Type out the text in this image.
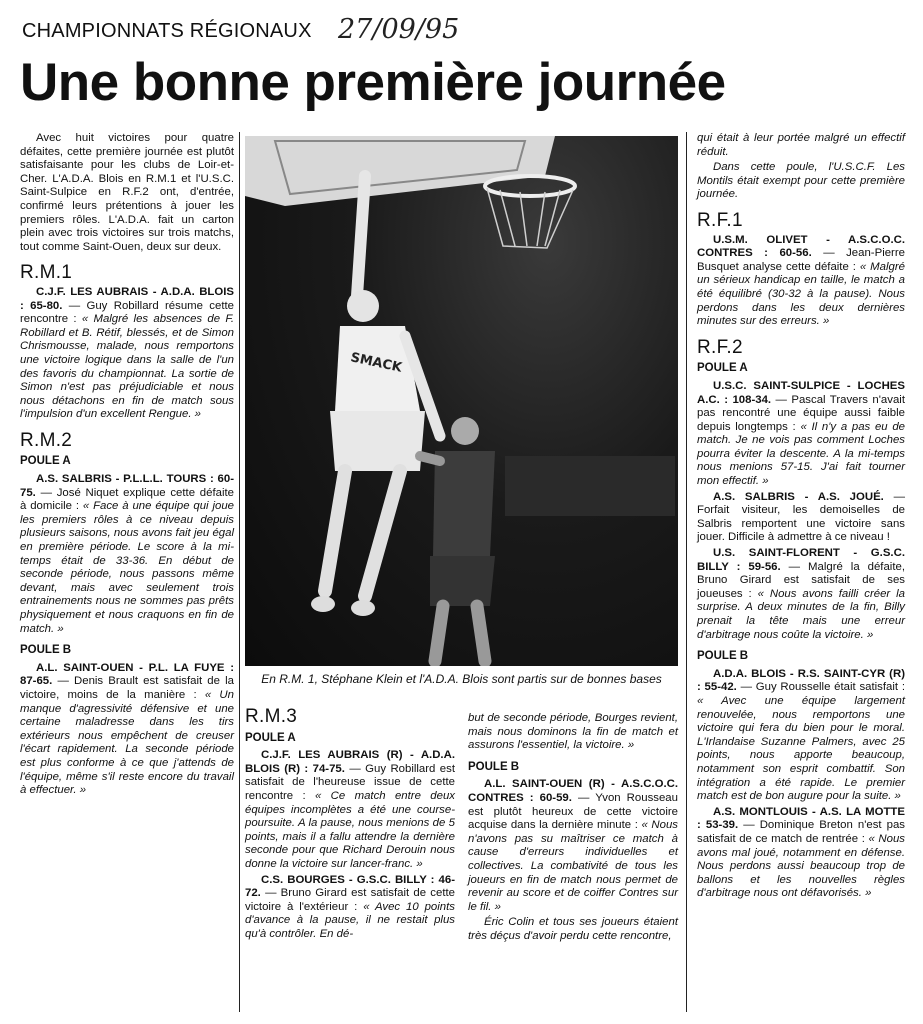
CHAMPIONNATS RÉGIONAUX 27/09/95
Une bonne première journée

Avec huit victoires pour quatre défaites, cette première journée est plutôt satisfaisante pour les clubs de Loir-et-Cher. L'A.D.A. Blois en R.M.1 et l'U.S.C. Saint-Sulpice en R.F.2 ont, d'entrée, confirmé leurs prétentions à jouer les premiers rôles. L'A.D.A. fait un carton plein avec trois victoires sur trois matchs, tout comme Saint-Ouen, deux sur deux.

R.M.1

C.J.F. LES AUBRAIS - A.D.A. BLOIS : 65-80. — Guy Robillard résume cette rencontre : « Malgré les absences de F. Robillard et B. Rétif, blessés, et de Simon Chrismousse, malade, nous remportons une victoire logique dans la salle de l'un des favoris du championnat. La sortie de Simon n'est pas préjudiciable et nous nous détachons en fin de match sous l'impulsion d'un excellent Rengue. »

R.M.2
POULE A

A.S. SALBRIS - P.L.L.L. TOURS : 60-75. — José Niquet explique cette défaite à domicile : « Face à une équipe qui joue les premiers rôles à ce niveau depuis plusieurs saisons, nous avons fait jeu égal en première période. Le score à la mi-temps était de 33-36. En début de seconde période, nous passons même devant, mais avec seulement trois entrainements nous ne sommes pas prêts physiquement et nous craquons en fin de match. »

POULE B

A.L. SAINT-OUEN - P.L. LA FUYE : 87-65. — Denis Brault est satisfait de la victoire, moins de la manière : « Un manque d'agressivité défensive et une certaine maladresse dans les tirs extérieurs nous empêchent de creuser l'écart rapidement. La seconde période est plus conforme à ce que j'attends de l'équipe, même s'il reste encore du travail à effectuer. »

SMACK
En R.M. 1, Stéphane Klein et l'A.D.A. Blois sont partis sur de bonnes bases
R.M.3
POULE A

C.J.F. LES AUBRAIS (R) - A.D.A. BLOIS (R) : 74-75. — Guy Robillard est satisfait de l'heureuse issue de cette rencontre : « Ce match entre deux équipes incomplètes a été une course-poursuite. A la pause, nous menions de 5 points, mais il a fallu attendre la dernière seconde pour que Richard Derouin nous donne la victoire sur lancer-franc. »

C.S. BOURGES - G.S.C. BILLY : 46-72. — Bruno Girard est satisfait de cette victoire à l'extérieur : « Avec 10 points d'avance à la pause, il ne restait plus qu'à contrôler. En dé-

but de seconde période, Bourges revient, mais nous dominons la fin de match et assurons l'essentiel, la victoire. »

POULE B

A.L. SAINT-OUEN (R) - A.S.C.O.C. CONTRES : 60-59. — Yvon Rousseau est plutôt heureux de cette victoire acquise dans la dernière minute : « Nous n'avons pas su maîtriser ce match à cause d'erreurs individuelles et collectives. La combativité de tous les joueurs en fin de match nous permet de revenir au score et de coiffer Contres sur le fil. »

Éric Colin et tous ses joueurs étaient très déçus d'avoir perdu cette rencontre,

qui était à leur portée malgré un effectif réduit.

Dans cette poule, l'U.S.C.F. Les Montils était exempt pour cette première journée.

R.F.1

U.S.M. OLIVET - A.S.C.O.C. CONTRES : 60-56. — Jean-Pierre Busquet analyse cette défaite : « Malgré un sérieux handicap en taille, le match a été équilibré (30-32 à la pause). Nous perdons dans les deux dernières minutes sur des erreurs. »

R.F.2
POULE A

U.S.C. SAINT-SULPICE - LOCHES A.C. : 108-34. — Pascal Travers n'avait pas rencontré une équipe aussi faible depuis longtemps : « Il n'y a pas eu de match. Je ne vois pas comment Loches pourra éviter la descente. A la mi-temps nous menions 57-15. J'ai fait tourner mon effectif. »

A.S. SALBRIS - A.S. JOUÉ. — Forfait visiteur, les demoiselles de Salbris remportent une victoire sans jouer. Difficile à admettre à ce niveau !

U.S. SAINT-FLORENT - G.S.C. BILLY : 59-56. — Malgré la défaite, Bruno Girard est satisfait de ses joueuses : « Nous avons failli créer la surprise. A deux minutes de la fin, Billy prenait la tête mais une erreur d'arbitrage nous coûte la victoire. »

POULE B

A.D.A. BLOIS - R.S. SAINT-CYR (R) : 55-42. — Guy Rousselle était satisfait : « Avec une équipe largement renouvelée, nous remportons une victoire qui fera du bien pour le moral. L'Irlandaise Suzanne Palmers, avec 25 points, nous apporte beaucoup, notamment son esprit combattif. Son intégration a été rapide. Le premier match est de bon augure pour la suite. »

A.S. MONTLOUIS - A.S. LA MOTTE : 53-39. — Dominique Breton n'est pas satisfait de ce match de rentrée : « Nous avons mal joué, notamment en défense. Nous perdons aussi beaucoup trop de ballons et les nouvelles règles d'arbitrage nous ont défavorisés. »
